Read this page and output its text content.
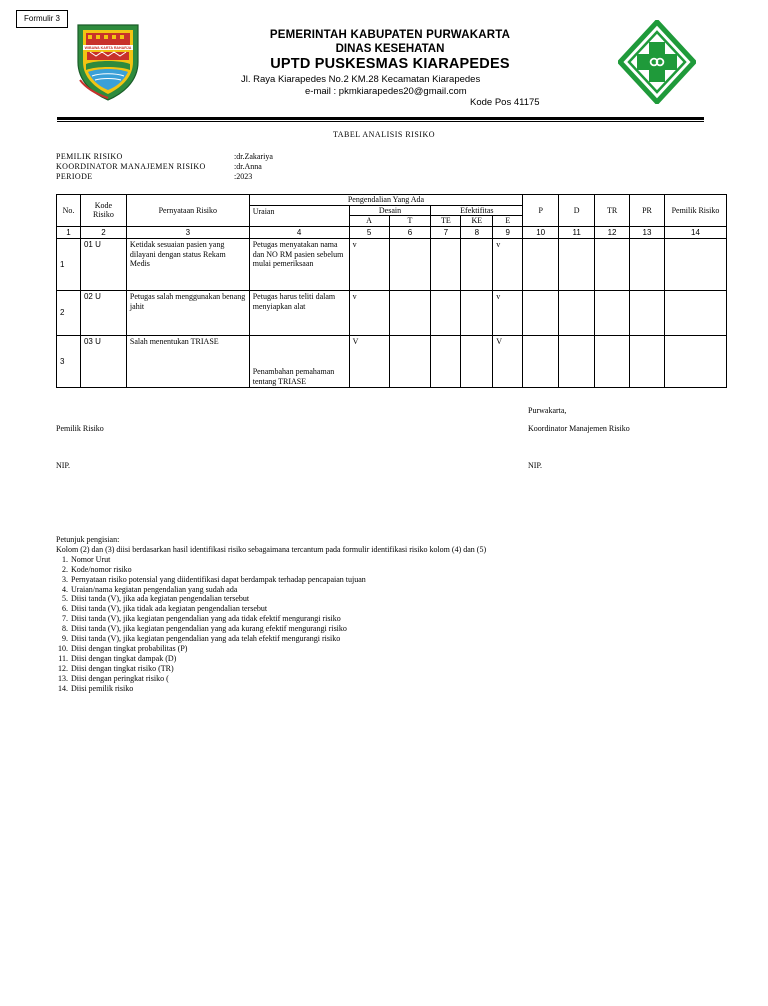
Formulir 3
WIBAWA KARTA RAHARJA
PEMERINTAH KABUPATEN PURWAKARTA
DINAS KESEHATAN
UPTD PUSKESMAS KIARAPEDES
Jl. Raya Kiarapedes No.2 KM.28 Kecamatan Kiarapedes
e-mail : pkmkiarapedes20@gmail.com
Kode Pos 41175
TABEL ANALISIS RISIKO
PEMILIK RISIKO	:dr.Zakariya
KOORDINATOR MANAJEMEN RISIKO	:dr.Anna
PERIODE	:2023
No.	Kode Risiko	Pernyataan Risiko	Pengendalian Yang Ada						P	D	TR	PR	Pemilik Risiko
			Uraian	Desain		Efektifitas							
				A	T	TE	KE	E					
1	2	3	4	5	6	7	8	9	10	11	12	13	14
1	01 U	Ketidak sesuaian pasien yang dilayani dengan status Rekam Medis	Petugas menyatakan nama dan NO RM pasien sebelum mulai pemeriksaan	v				v					
2	02 U	Petugas salah menggunakan benang jahit	Petugas harus teliti dalam menyiapkan alat	v				v					
3	03 U	Salah menentukan TRIASE	Penambahan pemahaman tentang TRIASE	V				V					
Purwakarta,
Pemilik Risiko	Koordinator Manajemen Risiko
NIP.	NIP.
Petunjuk pengisian:
Kolom (2) dan (3) diisi berdasarkan hasil identifikasi risiko sebagaimana tercantum pada formulir identifikasi risiko kolom (4) dan (5)
1. Nomor Urut
2. Kode/nomor risiko
3. Pernyataan risiko potensial yang diidentifikasi dapat berdampak terhadap pencapaian tujuan
4. Uraian/nama kegiatan pengendalian yang sudah ada
5. Diisi tanda (V), jika ada kegiatan pengendalian tersebut
6. Diisi tanda (V), jika tidak ada kegiatan pengendalian tersebut
7. Diisi tanda (V), jika kegiatan pengendalian yang ada tidak efektif mengurangi risiko
8. Diisi tanda (V), jika kegiatan pengendalian yang ada kurang efektif mengurangi risiko
9. Diisi tanda (V), jika kegiatan pengendalian yang ada telah efektif mengurangi risiko
10. Diisi dengan tingkat probabilitas (P)
11. Diisi dengan tingkat dampak (D)
12. Diisi dengan tingkat risiko (TR)
13. Diisi dengan peringkat risiko (
14. Diisi pemilik risiko
